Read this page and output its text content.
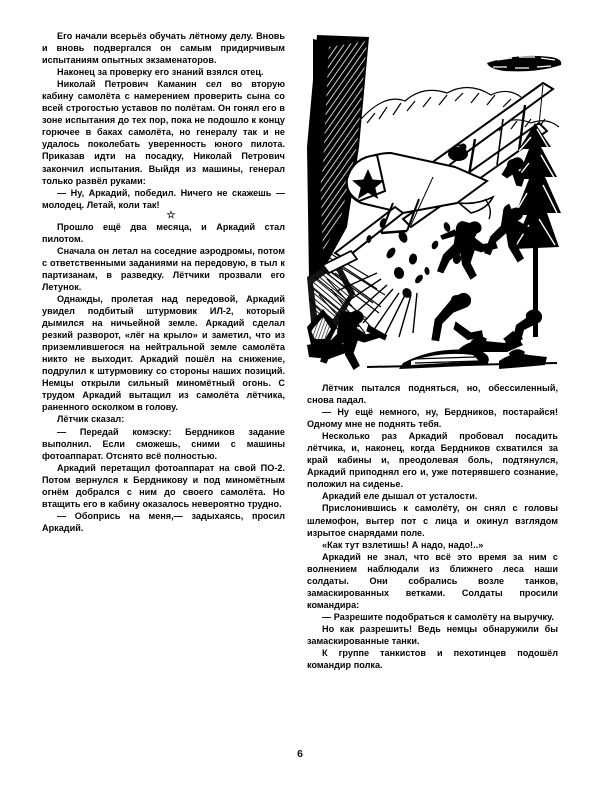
Его начали всерьёз обучать лётному делу. Вновь и вновь подвергался он самым придирчивым испытаниям опытных экзаменаторов.

Наконец за проверку его знаний взялся отец.

Николай Петрович Каманин сел во вторую кабину самолёта с намерением проверить сына со всей строгостью уставов по полётам. Он гонял его в зоне испытания до тех пор, пока не подошло к концу горючее в баках самолёта, но генералу так и не удалось поколебать уверенность юного пилота. Приказав идти на посадку, Николай Петрович закончил испытания. Выйдя из машины, генерал только развёл руками:

— Ну, Аркадий, победил. Ничего не скажешь — молодец. Летай, коли так!

☆

Прошло ещё два месяца, и Аркадий стал пилотом.

Сначала он летал на соседние аэродромы, потом с ответственными заданиями на передовую, в тыл к партизанам, в разведку. Лётчики прозвали его Летунок.

Однажды, пролетая над передовой, Аркадий увидел подбитый штурмовик ИЛ-2, который дымился на ничьейной земле. Аркадий сделал резкий разворот, «лёг на крыло» и заметил, что из приземлившегося на нейтральной земле самолёта никто не выходит. Аркадий пошёл на снижение, подрулил к штурмовику со стороны наших позиций. Немцы открыли сильный миномётный огонь. С трудом Аркадий вытащил из самолёта лётчика, раненного осколком в голову.

Лётчик сказал:

— Передай комэску: Бердников задание выполнил. Если сможешь, сними с машины фотоаппарат. Отснято всё полностью.

Аркадий перетащил фотоаппарат на свой ПО-2. Потом вернулся к Бердникову и под миномётным огнём добрался с ним до своего самолёта. Но втащить его в кабину оказалось невероятно трудно.

— Обопрись на меня,— задыхаясь, просил Аркадий.

Лётчик пытался подняться, но, обессиленный, снова падал.

— Ну ещё немного, ну, Бердников, постарайся! Одному мне не поднять тебя.

Несколько раз Аркадий пробовал посадить лётчика, и, наконец, когда Бердников схватился за край кабины и, преодолевая боль, подтянулся, Аркадий приподнял его и, уже потерявшего сознание, положил на сиденье.

Аркадий еле дышал от усталости.

Прислонившись к самолёту, он снял с головы шлемофон, вытер пот с лица и окинул взглядом изрытое снарядами поле.

«Как тут взлетишь! А надо, надо!..»

Аркадий не знал, что всё это время за ним с волнением наблюдали из ближнего леса наши солдаты. Они собрались возле танков, замаскированных ветками. Солдаты просили командира:

— Разрешите подобраться к самолёту на выручку.

Но как разрешить! Ведь немцы обнаружили бы замаскированные танки.

К группе танкистов и пехотинцев подошёл командир полка.

6
